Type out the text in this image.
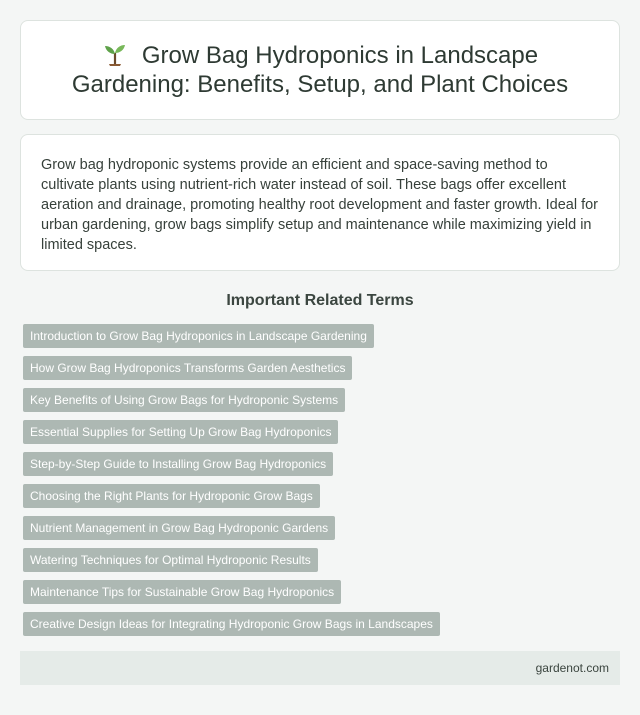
Grow Bag Hydroponics in Landscape Gardening: Benefits, Setup, and Plant Choices

Grow bag hydroponic systems provide an efficient and space-saving method to cultivate plants using nutrient-rich water instead of soil. These bags offer excellent aeration and drainage, promoting healthy root development and faster growth. Ideal for urban gardening, grow bags simplify setup and maintenance while maximizing yield in limited spaces.

Important Related Terms
Introduction to Grow Bag Hydroponics in Landscape Gardening
How Grow Bag Hydroponics Transforms Garden Aesthetics
Key Benefits of Using Grow Bags for Hydroponic Systems
Essential Supplies for Setting Up Grow Bag Hydroponics
Step-by-Step Guide to Installing Grow Bag Hydroponics
Choosing the Right Plants for Hydroponic Grow Bags
Nutrient Management in Grow Bag Hydroponic Gardens
Watering Techniques for Optimal Hydroponic Results
Maintenance Tips for Sustainable Grow Bag Hydroponics
Creative Design Ideas for Integrating Hydroponic Grow Bags in Landscapes
gardenot.com
